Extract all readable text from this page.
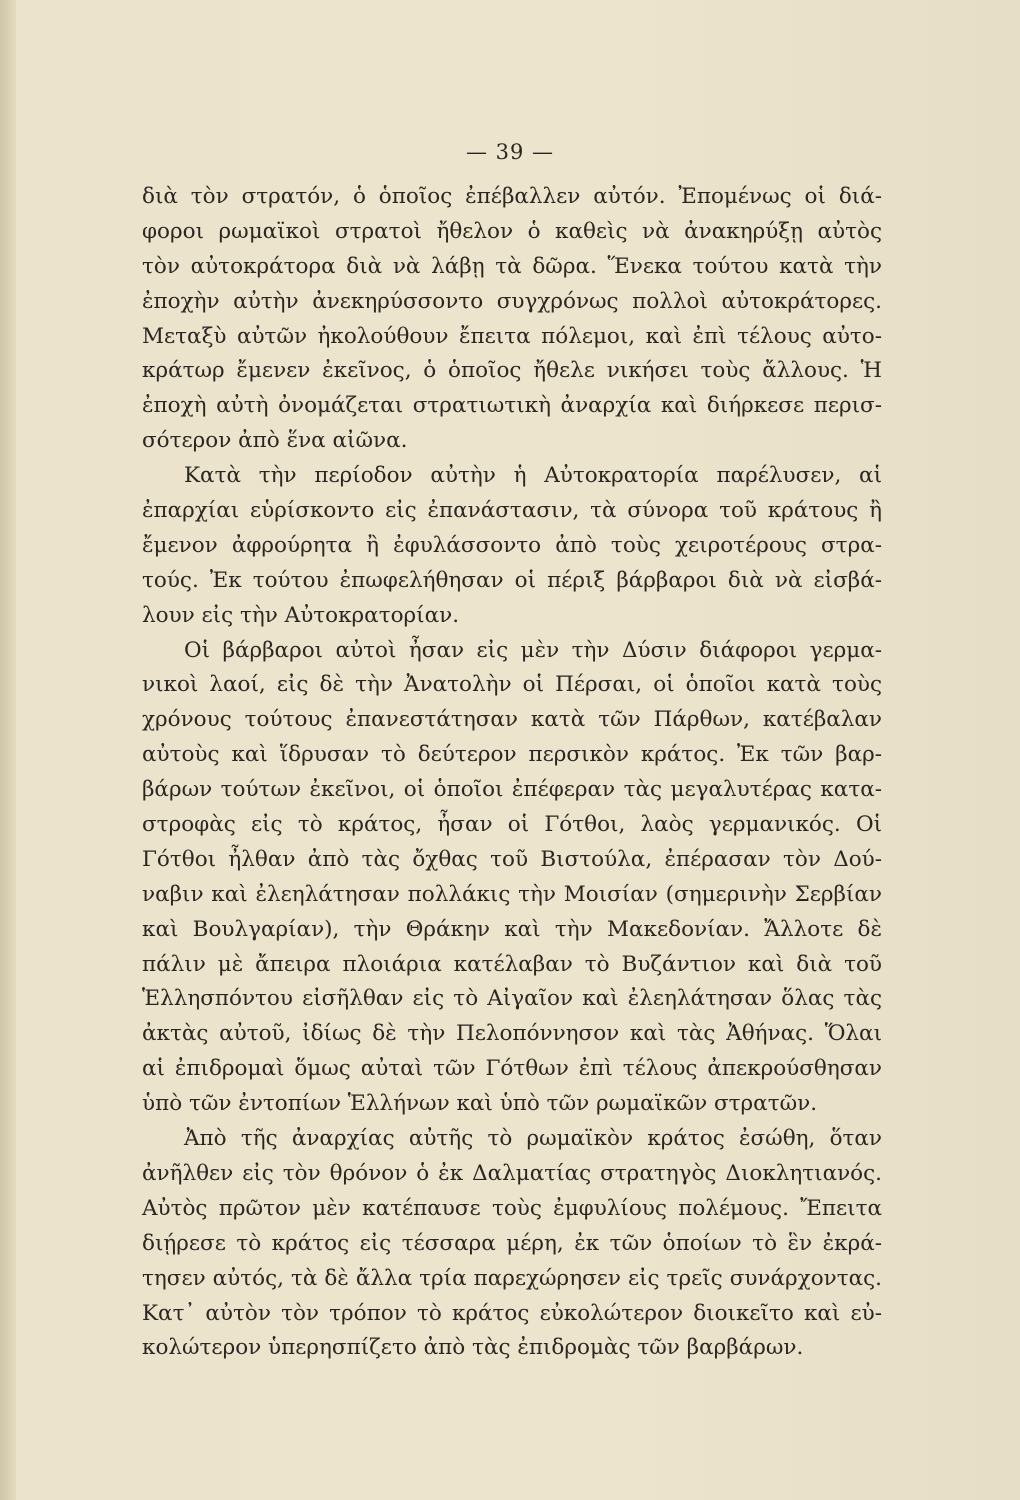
— 39 —
διὰ τὸν στρατόν, ὁ ὁποῖος ἐπέβαλλεν αὐτόν. Ἐπομένως οἱ διά-
φοροι ρωμαϊκοὶ στρατοὶ ἤθελον ὁ καθεὶς νὰ ἀνακηρύξῃ αὐτὸς
τὸν αὐτοκράτορα διὰ νὰ λάβῃ τὰ δῶρα. Ἕνεκα τούτου κατὰ τὴν
ἐποχὴν αὐτὴν ἀνεκηρύσσοντο συγχρόνως πολλοὶ αὐτοκράτορες.
Μεταξὺ αὐτῶν ἠκολούθουν ἔπειτα πόλεμοι, καὶ ἐπὶ τέλους αὐτο-
κράτωρ ἔμενεν ἐκεῖνος, ὁ ὁποῖος ἤθελε νικήσει τοὺς ἄλλους. Ἡ
ἐποχὴ αὐτὴ ὀνομάζεται στρατιωτικὴ ἀναρχία καὶ διήρκεσε περισ-
σότερον ἀπὸ ἕνα αἰῶνα.
Κατὰ τὴν περίοδον αὐτὴν ἡ Αὐτοκρατορία παρέλυσεν, αἱ
ἐπαρχίαι εὑρίσκοντο εἰς ἐπανάστασιν, τὰ σύνορα τοῦ κράτους ἢ
ἔμενον ἀφρούρητα ἢ ἐφυλάσσοντο ἀπὸ τοὺς χειροτέρους στρα-
τούς. Ἐκ τούτου ἐπωφελήθησαν οἱ πέριξ βάρβαροι διὰ νὰ εἰσβά-
λουν εἰς τὴν Αὐτοκρατορίαν.
Οἱ βάρβαροι αὐτοὶ ἦσαν εἰς μὲν τὴν Δύσιν διάφοροι γερμα-
νικοὶ λαοί, εἰς δὲ τὴν Ἀνατολὴν οἱ Πέρσαι, οἱ ὁποῖοι κατὰ τοὺς
χρόνους τούτους ἐπανεστάτησαν κατὰ τῶν Πάρθων, κατέβαλαν
αὐτοὺς καὶ ἵδρυσαν τὸ δεύτερον περσικὸν κράτος. Ἐκ τῶν βαρ-
βάρων τούτων ἐκεῖνοι, οἱ ὁποῖοι ἐπέφεραν τὰς μεγαλυτέρας κατα-
στροφὰς εἰς τὸ κράτος, ἦσαν οἱ Γότθοι, λαὸς γερμανικός. Οἱ
Γότθοι ἦλθαν ἀπὸ τὰς ὄχθας τοῦ Βιστούλα, ἐπέρασαν τὸν Δού-
ναβιν καὶ ἐλεηλάτησαν πολλάκις τὴν Μοισίαν (σημερινὴν Σερβίαν
καὶ Βουλγαρίαν), τὴν Θράκην καὶ τὴν Μακεδονίαν. Ἄλλοτε δὲ
πάλιν μὲ ἄπειρα πλοιάρια κατέλαβαν τὸ Βυζάντιον καὶ διὰ τοῦ
Ἑλλησπόντου εἰσῆλθαν εἰς τὸ Αἰγαῖον καὶ ἐλεηλάτησαν ὅλας τὰς
ἀκτὰς αὐτοῦ, ἰδίως δὲ τὴν Πελοπόννησον καὶ τὰς Ἀθήνας. Ὅλαι
αἱ ἐπιδρομαὶ ὅμως αὐταὶ τῶν Γότθων ἐπὶ τέλους ἀπεκρούσθησαν
ὑπὸ τῶν ἐντοπίων Ἑλλήνων καὶ ὑπὸ τῶν ρωμαϊκῶν στρατῶν.
Ἀπὸ τῆς ἀναρχίας αὐτῆς τὸ ρωμαϊκὸν κράτος ἐσώθη, ὅταν
ἀνῆλθεν εἰς τὸν θρόνον ὁ ἐκ Δαλματίας στρατηγὸς Διοκλητιανός.
Αὐτὸς πρῶτον μὲν κατέπαυσε τοὺς ἐμφυλίους πολέμους. Ἔπειτα
διῄρεσε τὸ κράτος εἰς τέσσαρα μέρη, ἐκ τῶν ὁποίων τὸ ἓν ἐκρά-
τησεν αὐτός, τὰ δὲ ἄλλα τρία παρεχώρησεν εἰς τρεῖς συνάρχοντας.
Κατ᾽ αὐτὸν τὸν τρόπον τὸ κράτος εὐκολώτερον διοικεῖτο καὶ εὐ-
κολώτερον ὑπερησπίζετο ἀπὸ τὰς ἐπιδρομὰς τῶν βαρβάρων.
